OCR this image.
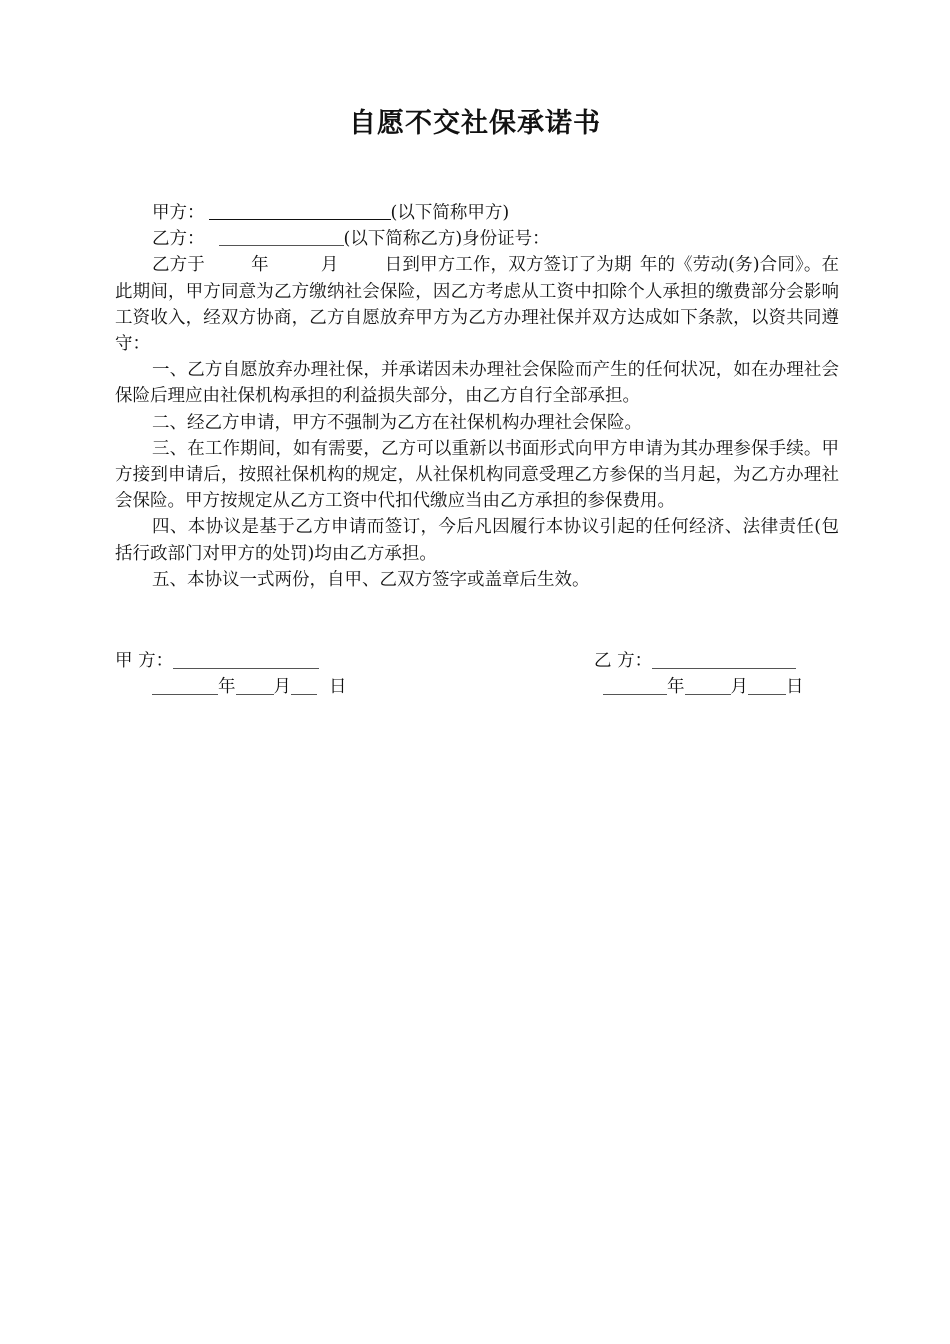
自愿不交社保承诺书
甲方：	(以下简称甲方)
乙方：	(以下简称乙方)身份证号：
乙方于	年	月	日到甲方工作，双方签订了为期 年的《劳动(务)合同》。在此期间，甲方同意为乙方缴纳社会保险，因乙方考虑从工资中扣除个人承担的缴费部分会影响工资收入，经双方协商，乙方自愿放弃甲方为乙方办理社保并双方达成如下条款，以资共同遵守：
一、乙方自愿放弃办理社保，并承诺因未办理社会保险而产生的任何状况，如在办理社会保险后理应由社保机构承担的利益损失部分，由乙方自行全部承担。
二、经乙方申请，甲方不强制为乙方在社保机构办理社会保险。
三、在工作期间，如有需要，乙方可以重新以书面形式向甲方申请为其办理参保手续。甲方接到申请后，按照社保机构的规定，从社保机构同意受理乙方参保的当月起，为乙方办理社会保险。甲方按规定从乙方工资中代扣代缴应当由乙方承担的参保费用。
四、本协议是基于乙方申请而签订，今后凡因履行本协议引起的任何经济、法律责任(包括行政部门对甲方的处罚)均由乙方承担。
五、本协议一式两份，自甲、乙双方签字或盖章后生效。
甲 方：
年 月 日
乙 方：
年	月 日
